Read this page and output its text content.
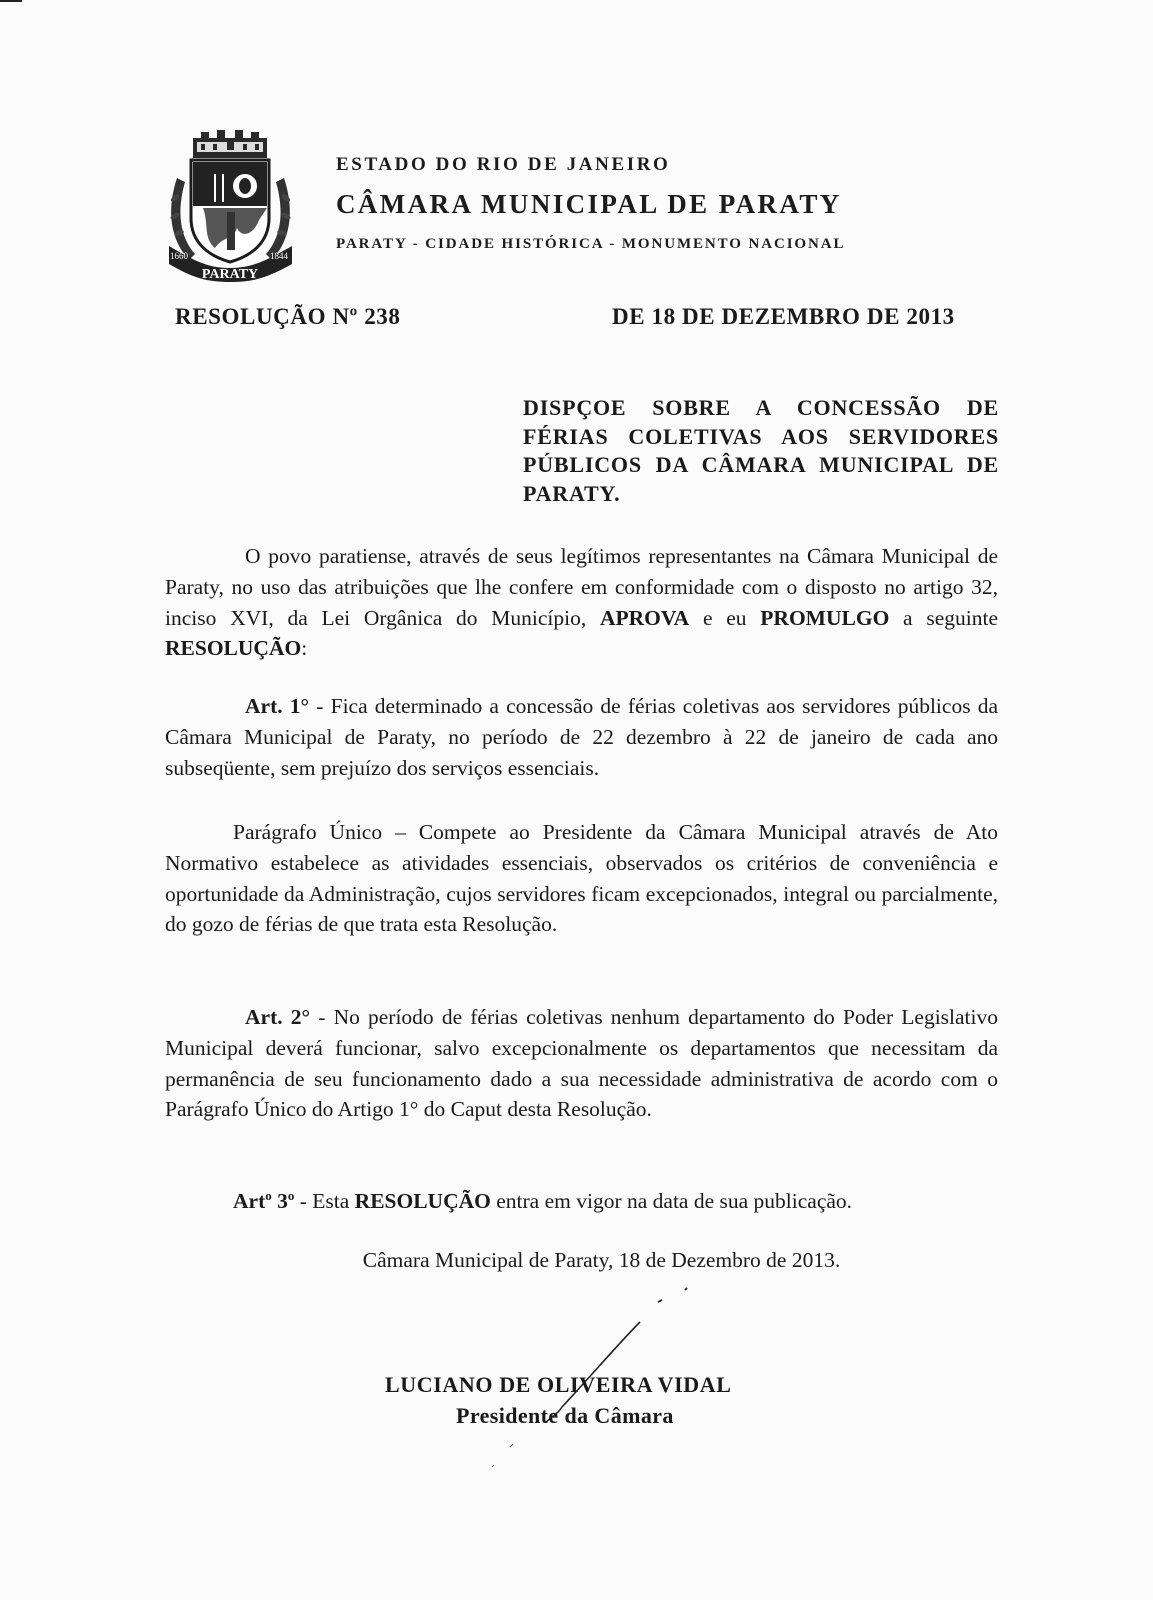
1660	1844
PARATY
ESTADO DO RIO DE JANEIRO
CÂMARA MUNICIPAL DE PARATY
PARATY - CIDADE HISTÓRICA - MONUMENTO NACIONAL
RESOLUÇÃO Nº 238	DE 18 DE DEZEMBRO DE 2013

DISPÇOE SOBRE A CONCESSÃO DE FÉRIAS COLETIVAS AOS SERVIDORES PÚBLICOS DA CÂMARA MUNICIPAL DE PARATY.

O povo paratiense, através de seus legítimos representantes na Câmara Municipal de Paraty, no uso das atribuições que lhe confere em conformidade com o disposto no artigo 32, inciso XVI, da Lei Orgânica do Município, APROVA e eu PROMULGO a seguinte RESOLUÇÃO:

Art. 1° - Fica determinado a concessão de férias coletivas aos servidores públicos da Câmara Municipal de Paraty, no período de 22 dezembro à 22 de janeiro de cada ano subseqüente, sem prejuízo dos serviços essenciais.

Parágrafo Único – Compete ao Presidente da Câmara Municipal através de Ato Normativo estabelece as atividades essenciais, observados os critérios de conveniência e oportunidade da Administração, cujos servidores ficam excepcionados, integral ou parcialmente, do gozo de férias de que trata esta Resolução.

Art. 2° - No período de férias coletivas nenhum departamento do Poder Legislativo Municipal deverá funcionar, salvo excepcionalmente os departamentos que necessitam da permanência de seu funcionamento dado a sua necessidade administrativa de acordo com o Parágrafo Único do Artigo 1° do Caput desta Resolução.

Art$^o$ 3$^o$ - Esta RESOLUÇÃO entra em vigor na data de sua publicação.

Câmara Municipal de Paraty, 18 de Dezembro de 2013.

LUCIANO DE OLIVEIRA VIDAL
Presidente da Câmara
